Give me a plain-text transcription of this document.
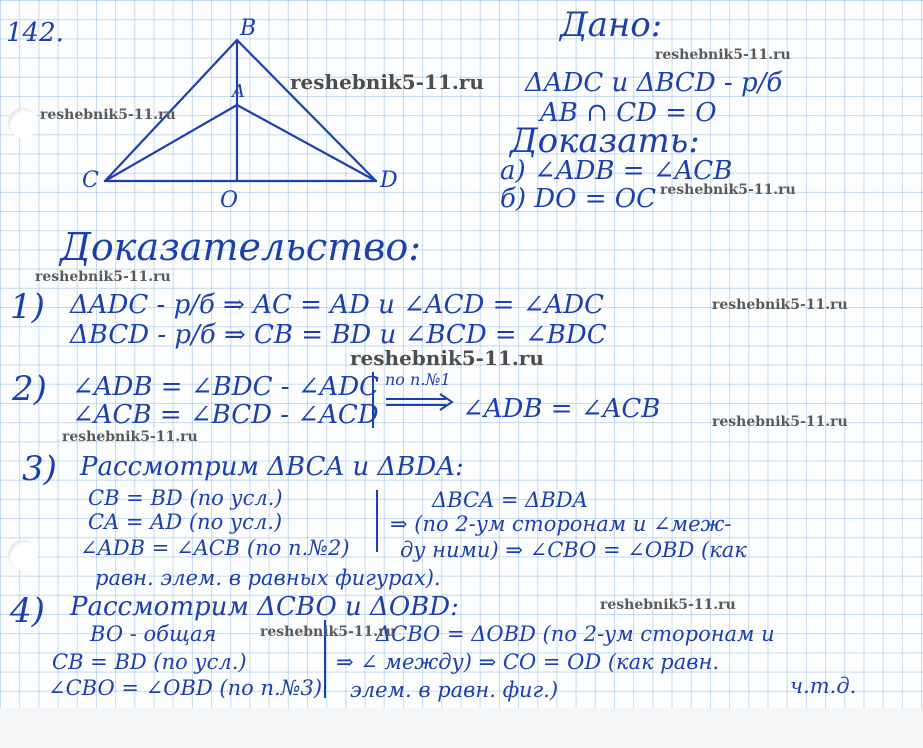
142.	B
A
C	D
O
Дано:
ΔADC и ΔBCD - р/б
AB ∩ CD = O
Доказать:
а) ∠ADB = ∠ACB
б) DO = OC
Доказательство:
1) ΔADC - р/б ⇒ AC = AD и ∠ACD = ∠ADC
ΔBCD - р/б ⇒ CB = BD и ∠BCD = ∠BDC
2) ∠ADB = ∠BDC - ∠ADC
∠ACB = ∠BCD - ∠ACD
по п.№1
∠ADB = ∠ACB
3) Рассмотрим ΔBCA и ΔBDA:
CB = BD (по усл.)
CA = AD (по усл.)
∠ADB = ∠ACB (по п.№2)
ΔBCA = ΔBDA
⇒ (по 2-ум сторонам и ∠меж-
ду ними) ⇒ ∠CBO = ∠OBD (как
равн. элем. в равных фигурах).
4) Рассмотрим ΔCBO и ΔOBD:
BO - общая
CB = BD (по усл.)
∠CBO = ∠OBD (по п.№3)
ΔCBO = ΔOBD (по 2-ум сторонам и
⇒ ∠ между) ⇒ CO = OD (как равн.
элем. в равн. фиг.)	ч.т.д.
reshebnik5-11.ru
reshebnik5-11.ru
reshebnik5-11.ru
reshebnik5-11.ru
reshebnik5-11.ru
reshebnik5-11.ru
reshebnik5-11.ru
reshebnik5-11.ru
reshebnik5-11.ru
reshebnik5-11.ru
reshebnik5-11.ru
